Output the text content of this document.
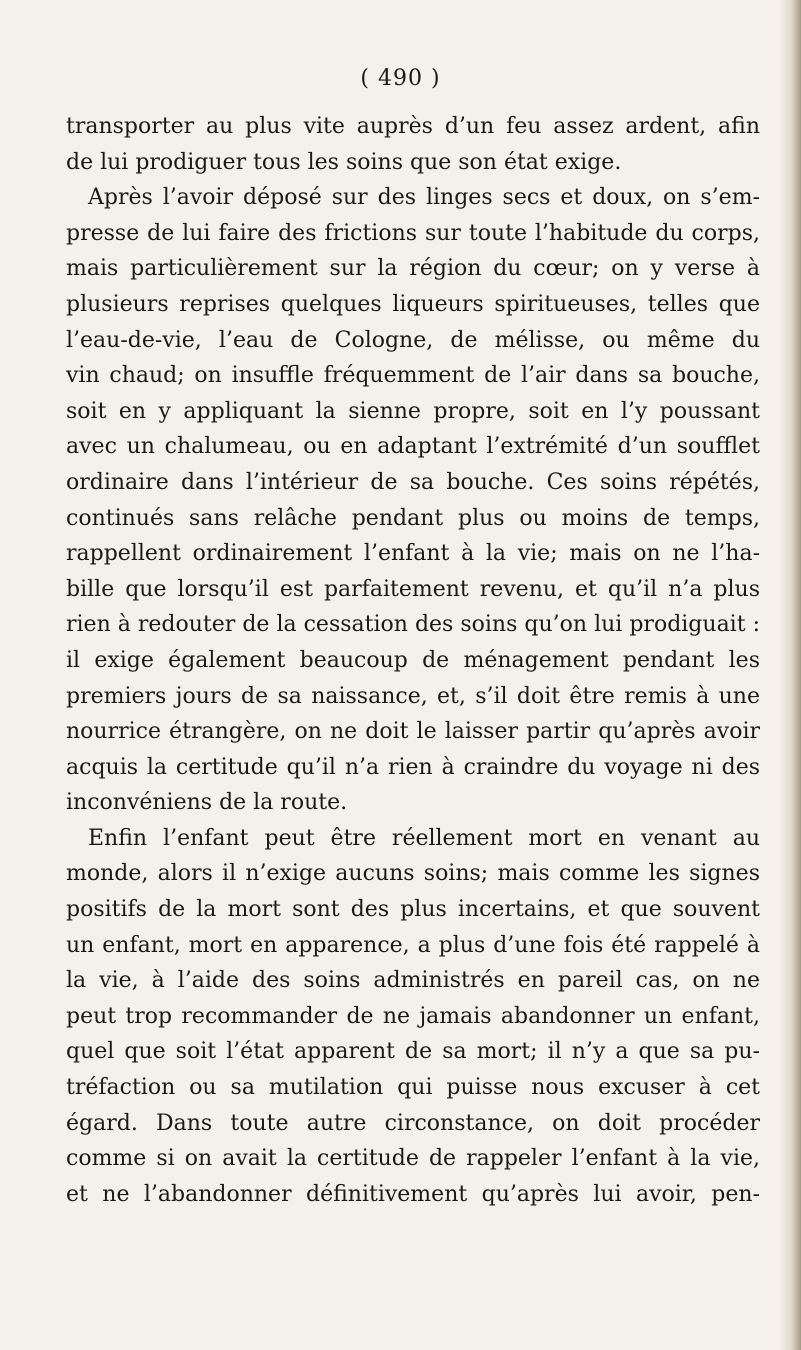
( 490 )
transporter au plus vite auprès d’un feu assez ardent, afin
de lui prodiguer tous les soins que son état exige.
Après l’avoir déposé sur des linges secs et doux, on s’em-
presse de lui faire des frictions sur toute l’habitude du corps,
mais particulièrement sur la région du cœur; on y verse à
plusieurs reprises quelques liqueurs spiritueuses, telles que
l’eau-de-vie, l’eau de Cologne, de mélisse, ou même du
vin chaud; on insuffle fréquemment de l’air dans sa bouche,
soit en y appliquant la sienne propre, soit en l’y poussant
avec un chalumeau, ou en adaptant l’extrémité d’un soufflet
ordinaire dans l’intérieur de sa bouche. Ces soins répétés,
continués sans relâche pendant plus ou moins de temps,
rappellent ordinairement l’enfant à la vie; mais on ne l’ha-
bille que lorsqu’il est parfaitement revenu, et qu’il n’a plus
rien à redouter de la cessation des soins qu’on lui prodiguait :
il exige également beaucoup de ménagement pendant les
premiers jours de sa naissance, et, s’il doit être remis à une
nourrice étrangère, on ne doit le laisser partir qu’après avoir
acquis la certitude qu’il n’a rien à craindre du voyage ni des
inconvéniens de la route.
Enfin l’enfant peut être réellement mort en venant au
monde, alors il n’exige aucuns soins; mais comme les signes
positifs de la mort sont des plus incertains, et que souvent
un enfant, mort en apparence, a plus d’une fois été rappelé à
la vie, à l’aide des soins administrés en pareil cas, on ne
peut trop recommander de ne jamais abandonner un enfant,
quel que soit l’état apparent de sa mort; il n’y a que sa pu-
tréfaction ou sa mutilation qui puisse nous excuser à cet
égard. Dans toute autre circonstance, on doit procéder
comme si on avait la certitude de rappeler l’enfant à la vie,
et ne l’abandonner définitivement qu’après lui avoir, pen-
